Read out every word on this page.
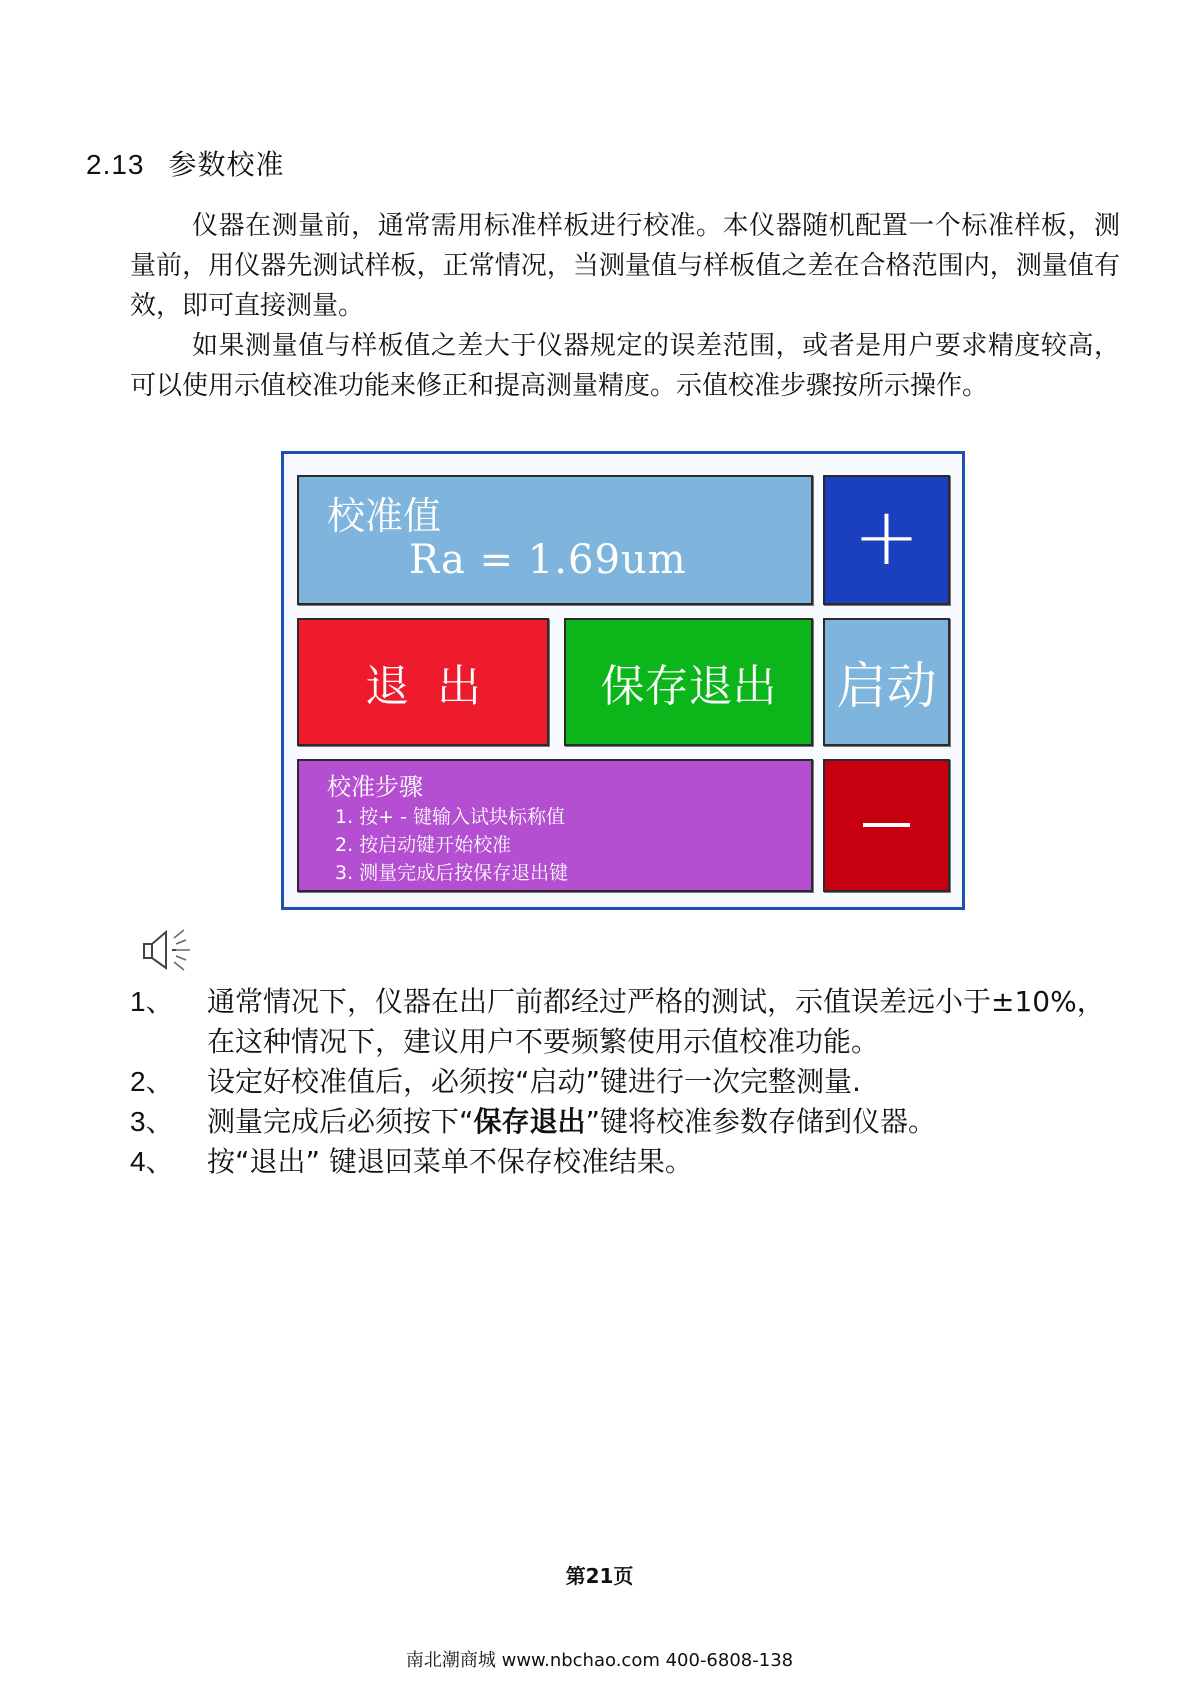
2.13 参数校准

仪器在测量前，通常需用标准样板进行校准。本仪器随机配置一个标准样板，测量前，用仪器先测试样板，正常情况，当测量值与样板值之差在合格范围内，测量值有效，即可直接测量。

如果测量值与样板值之差大于仪器规定的误差范围，或者是用户要求精度较高，可以使用示值校准功能来修正和提高测量精度。示值校准步骤按所示操作。

校准值
Ra = 1.69um	+
退  出	保存退出	启动
校准步骤
1. 按+ - 键输入试块标称值
2. 按启动键开始校准
3. 测量完成后按保存退出键
1、	通常情况下，仪器在出厂前都经过严格的测试，示值误差远小于±10%，在这种情况下，建议用户不要频繁使用示值校准功能。
2、	设定好校准值后，必须按“启动”键进行一次完整测量.
3、	测量完成后必须按下“保存退出”键将校准参数存储到仪器。
4、	按“退出” 键退回菜单不保存校准结果。
第21页
南北潮商城 www.nbchao.com 400-6808-138
